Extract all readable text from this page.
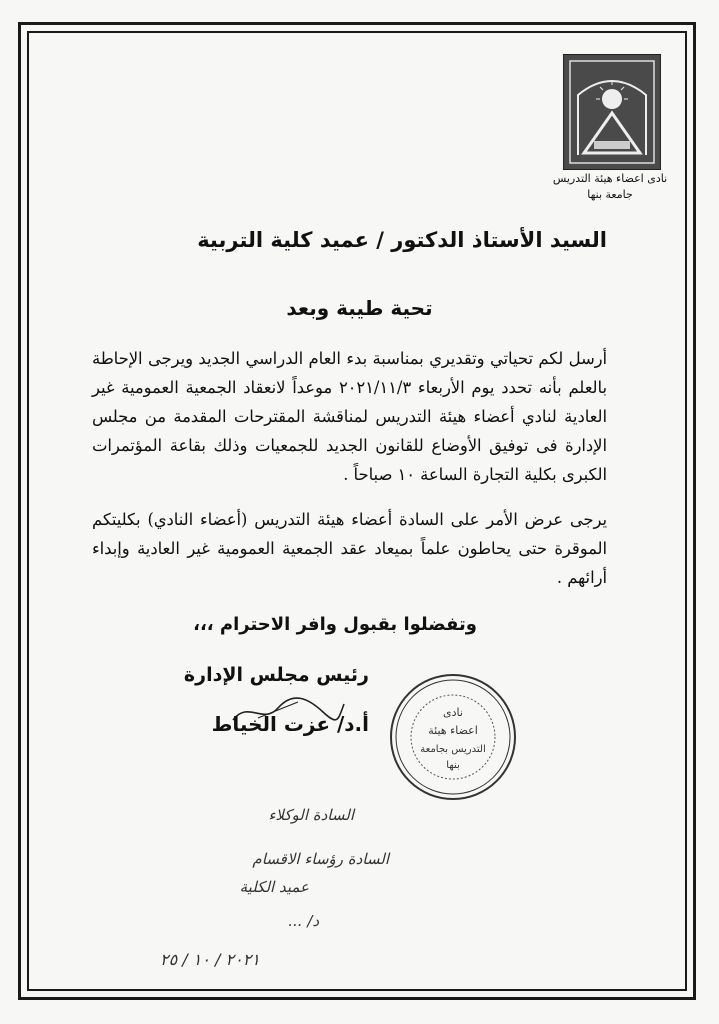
نادى اعضاء هيئة التدريس
جامعة بنها
السيد الأستاذ الدكتور / عميد كلية التربية
تحية طيبة وبعد

أرسل لكم تحياتي وتقديري بمناسبة بدء العام الدراسي الجديد ويرجى الإحاطة بالعلم بأنه تحدد يوم الأربعاء ٢٠٢١/١١/٣ موعداً لانعقاد الجمعية العمومية غير العادية لنادي أعضاء هيئة التدريس لمناقشة المقترحات المقدمة من مجلس الإدارة فى توفيق الأوضاع للقانون الجديد للجمعيات وذلك بقاعة المؤتمرات الكبرى بكلية التجارة الساعة ١٠ صباحاً .

يرجى عرض الأمر على السادة أعضاء هيئة التدريس (أعضاء النادي) بكليتكم الموقرة حتى يحاطون علماً بميعاد عقد الجمعية العمومية غير العادية وإبداء أرائهم .

وتفضلوا بقبول وافر الاحترام ،،،
رئيس مجلس الإدارة
أ.د/ عزت الخياط	نادى
اعضاء هيئة
التدريس بجامعة
بنها
السادة الوكلاء
السادة رؤساء الاقسام
عميد الكلية
د/ ...
٢٠٢١ / ١٠ / ٢٥
